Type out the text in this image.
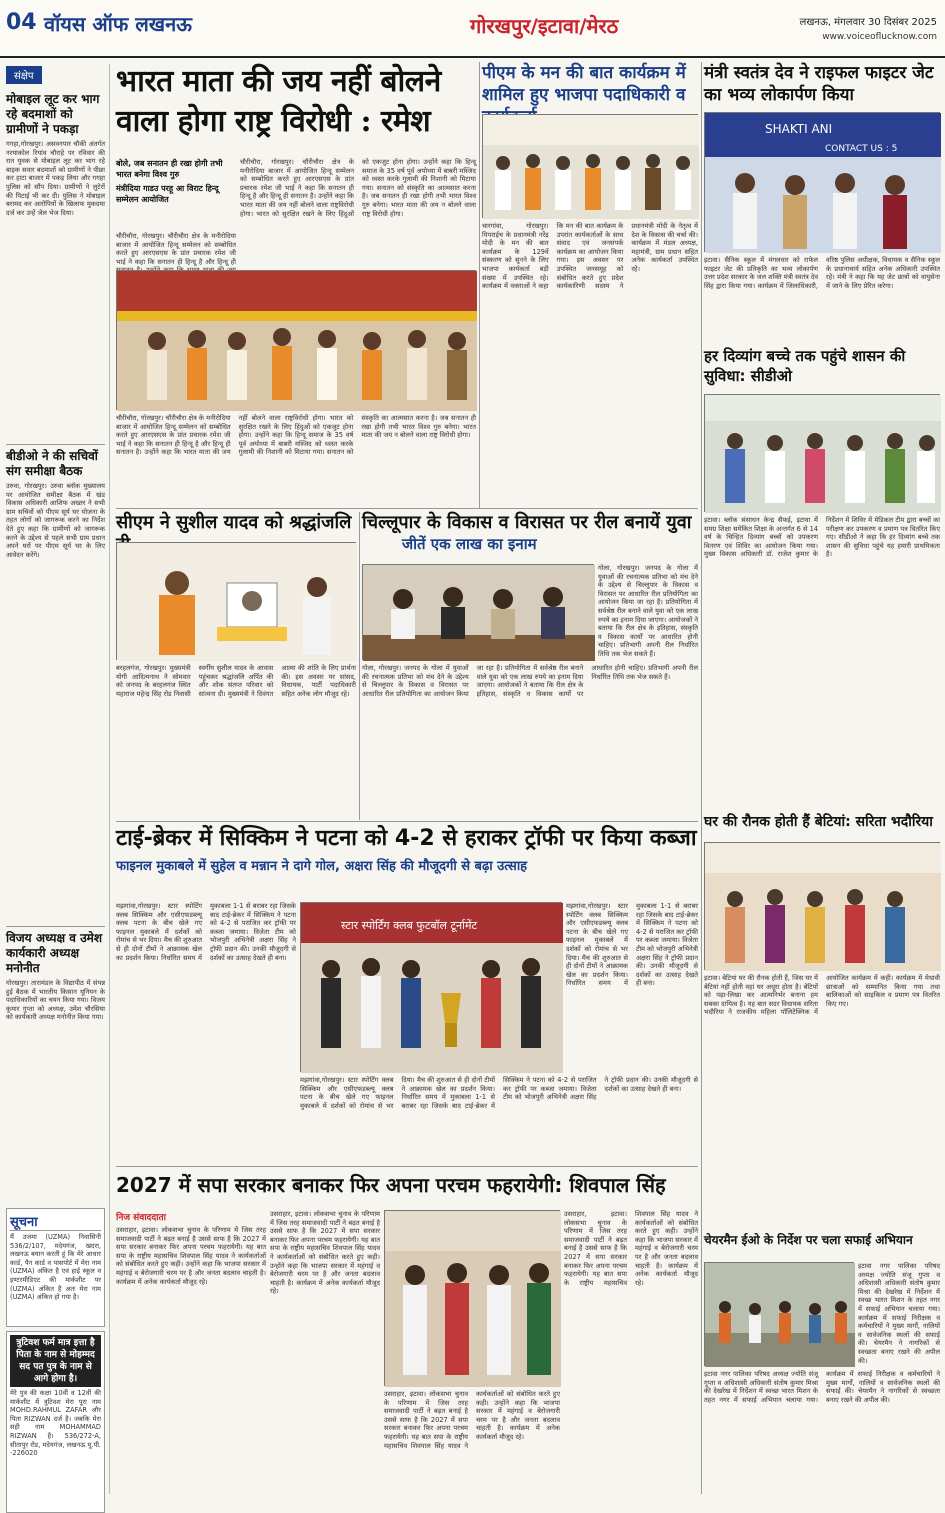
04 वॉयस ऑफ लखनऊ	गोरखपुर/इटावा/मेरठ	लखनऊ, मंगलवार 30 दिसंबर 2025
www.voiceoflucknow.com
संक्षेप
मोबाइल लूट कर भाग रहे बदमाशों को ग्रामीणों ने पकड़ा
गगहा,गोरखपुर। असवनपार चौकी अंतर्गत नरयाकोल रियांव चौराहे पर रविवार की रात युवक से मोबाइल लूट कर भाग रहे बाइक सवार बदमाशों को ग्रामीणों ने पीछा कर हाटा बाजार में पकड़ लिया और गगहा पुलिस को सौंप दिया। ग्रामीणों ने लुटेरों की पिटाई भी कर दी। पुलिस ने मोबाइल बरामद कर आरोपियों के खिलाफ मुकदमा दर्ज कर उन्हें जेल भेज दिया।
बीडीओ ने की सचिवों संग समीक्षा बैठक
उरुवा, गोरखपुर। उरुवा ब्लॉक मुख्यालय पर आयोजित समीक्षा बैठक में खंड विकास अधिकारी आशिफ अख्तर ने सभी ग्राम सचिवों को पीएम सूर्य घर योजना के तहत लोगों को जागरूक करने का निर्देश देते हुए कहा कि ग्रामीणों को जागरूक करने के उद्देश्य से पहले सभी ग्राम प्रधान अपने घरों पर पीएम सूर्य घर के लिए आवेदन करेंगे।
विजय अध्यक्ष व उमेश कार्यकारी अध्यक्ष मनोनीत
गोरखपुर। तारामंडल के विद्यापीठ में संपन्न हुई बैठक में भारतीय किसान यूनियन के पदाधिकारियों का चयन किया गया। विजय कुमार गुप्ता को अध्यक्ष, उमेश चौरसिया को कार्यकारी अध्यक्ष मनोनीत किया गया।
सूचना
मैं उजमा (UZMA) निवासिनी 536/2/107, मदेयगंज, खदरा, लखनऊ बयान करती हूं कि मेरे आधार कार्ड, पैन कार्ड व पासपोर्ट में मेरा नाम (UZMA) अंकित है एवं हाई स्कूल व इण्टरमीडिएट की मार्कशीट पर (UZMA) अंकित है अतः मेरा नाम (UZMA) अंकित हो गया है।
त्रुटिवश फर्म मात्र इत्ता है पिता के नाम से मोहम्मद सद पत पुत्र के नाम से आगे होगा है।
मेरे पुत्र की कक्षा 10वीं व 12वीं की मार्कशीट में त्रुटिवश मेरा पूरा नाम MOHD.RAHMUL ZAFAR और पिता RIZWAN दर्ज है। जबकि मेरा सही नाम MOHAMMAD RIZWAN है। 536/272-A, सीतापुर रोड, मदेयगंज, लखनऊ यू.पी. -226020
भारत माता की जय नहीं बोलने
वाला होगा राष्ट्र विरोधी : रमेश
बोले, जब सनातन ही रखा होगी तभी भारत बनेगा विश्व गुरु
मंत्रीदिया गाडउ परहू आ विराट हिन्दू सम्मेलन आयोजित
चौरीचौरा, गोरखपुर। चौरीचौरा क्षेत्र के मनीरोदिया बाजार में आयोजित हिन्दू सम्मेलन को सम्बोधित करते हुए आरएसएस के प्रांत प्रचारक रमेश जी भाई ने कहा कि सनातन ही हिन्दू है और हिन्दू ही
चौरीचौरा, गोरखपुर। चौरीचौरा क्षेत्र के मनीरोदिया बाजार में आयोजित हिन्दू सम्मेलन को सम्बोधित करते हुए आरएसएस के प्रांत प्रचारक रमेश जी भाई ने कहा कि सनातन ही हिन्दू है और हिन्दू ही सनातन है। उन्होंने कहा कि भारत माता की जय नहीं बोलने वाला राष्ट्रविरोधी होगा। भारत को सुरक्षित रखने के लिए हिंदुओं को एकजुट होना होगा। उन्होंने कहा कि हिन्दू समाज के 35 वर्ष पूर्व अयोध्या में बाबरी मस्जिद को ध्वस्त करके गुलामी की निशानी को मिटाया गया। सनातन को संस्कृति का आत्मसात करना है। जब सनातन ही रखा होगी तभी भारत विश्व गुरु बनेगा। भारत माता की जय न बोलने वाला राष्ट्र विरोधी होगा।
चौरीचौरा, गोरखपुर। चौरीचौरा क्षेत्र के मनीरोदिया बाजार में आयोजित हिन्दू सम्मेलन को सम्बोधित करते हुए आरएसएस के प्रांत प्रचारक रमेश जी भाई ने कहा कि सनातन ही हिन्दू है और हिन्दू ही सनातन है। उन्होंने कहा कि भारत माता की जय नहीं बोलने वाला राष्ट्रविरोधी होगा। भारत को सुरक्षित रखने के लिए हिंदुओं को एकजुट होना होगा। उन्होंने कहा कि हिन्दू समाज के 35 वर्ष पूर्व अयोध्या में बाबरी मस्जिद को ध्वस्त करके गुलामी की निशानी को मिटाया गया। सनातन को संस्कृति का आत्मसात करना है। जब सनातन ही रखा होगी तभी भारत विश्व गुरु बनेगा। भारत माता की जय न बोलने वाला राष्ट्र विरोधी होगा।
पीएम के मन की बात कार्यक्रम में शामिल हुए भाजपा पदाधिकारी व
चारगांवा, गोरखपुर। पिपराईच के प्रधानमंत्री नरेंद्र मोदी के मन की बात कार्यक्रम के 129वें संस्करण को सुनने के लिए भाजपा कार्यकर्ता बड़ी संख्या में उपस्थित रहे। कार्यक्रम में वक्ताओं ने कहा कि मन की बात कार्यक्रम के उपरांत कार्यकर्ताओं के साथ संवाद एवं जनसंपर्क कार्यक्रम का आयोजन किया गया। इस अवसर पर उपस्थित जनसमूह को संबोधित करते हुए प्रदेश कार्यकारिणी सदस्य ने प्रधानमंत्री मोदी के नेतृत्व में देश के विकास की चर्चा की। कार्यक्रम में मंडल अध्यक्ष, महामंत्री, ग्राम प्रधान सहित अनेक कार्यकर्ता उपस्थित रहे।
मंत्री स्वतंत्र देव ने राइफल फाइटर जेट का भव्य लोकार्पण किया
SHAKTI ANI
CONTACT US : 5
इटावा। सैनिक स्कूल में मंगलवार को राफेल फाइटर जेट की प्रतिकृति का भव्य लोकार्पण उत्तर प्रदेश सरकार के जल शक्ति मंत्री स्वतंत्र देव सिंह द्वारा किया गया। कार्यक्रम में जिलाधिकारी, वरिष्ठ पुलिस अधीक्षक, विधायक व सैनिक स्कूल के प्रधानाचार्य सहित अनेक अधिकारी उपस्थित रहे। मंत्री ने कहा कि यह जेट छात्रों को वायुसेना में जाने के लिए प्रेरित करेगा।
हर दिव्यांग बच्चे तक पहुंचे शासन की सुविधा: सीडीओ
इटावा। ब्लॉक संसाधन केन्द्र सैफई, इटावा में समग्र शिक्षा समेकित शिक्षा के अन्तर्गत 6 से 14 वर्ष के चिन्हित दिव्यांग बच्चों को उपकरण वितरण एवं शिविर का आयोजन किया गया। मुख्य विकास अधिकारी डॉ. राजेश कुमार के निर्देशन में शिविर में मेडिकल टीम द्वारा बच्चों का परीक्षण कर उपकरण व प्रमाण पत्र वितरित किए गए। सीडीओ ने कहा कि हर दिव्यांग बच्चे तक शासन की सुविधा पहुंचे यह हमारी प्राथमिकता है।
घर की रौनक होती हैं बेटियां: सरिता भदौरिया
इटावा। बेटियां घर की रौनक होती हैं, जिस घर में बेटियां नहीं होती वहां घर अधूरा होता है। बेटियों को पढ़ा-लिखा कर आत्मनिर्भर बनाना हम सबका दायित्व है। यह बात सदर विधायक सरिता भदौरिया ने राजकीय महिला पॉलिटेक्निक में आयोजित कार्यक्रम में कही। कार्यक्रम में मेधावी छात्राओं को सम्मानित किया गया तथा बालिकाओं को साइकिल व प्रमाण पत्र वितरित किए गए।
चेयरमैन ईओ के निर्देश पर चला सफाई अभियान
इटावा नगर पालिका परिषद अध्यक्ष ज्योति संजू गुप्ता व अधिशासी अधिकारी संतोष कुमार मिश्रा की देखरेख में निर्देशन में स्वच्छ भारत मिशन के तहत नगर में सफाई अभियान चलाया गया। कार्यक्रम में सफाई निरीक्षक व कर्मचारियों ने मुख्य मार्गों, नालियों व सार्वजनिक स्थलों की सफाई की। चेयरमैन ने नागरिकों से स्वच्छता बनाए रखने की अपील की।
इटावा नगर पालिका परिषद अध्यक्ष ज्योति संजू गुप्ता व अधिशासी अधिकारी संतोष कुमार मिश्रा की देखरेख में निर्देशन में स्वच्छ भारत मिशन के तहत नगर में सफाई अभियान चलाया गया। कार्यक्रम में सफाई निरीक्षक व कर्मचारियों ने मुख्य मार्गों, नालियों व सार्वजनिक स्थलों की सफाई की। चेयरमैन ने नागरिकों से स्वच्छता बनाए रखने की अपील की।
सीएम ने सुशील यादव को श्रद्धांजलि
बरहलगंज, गोरखपुर। मुख्यमंत्री योगी आदित्यनाथ ने सोमवार को जनपद के बरहलगंज स्थित महाराज महेन्द्र सिंह रोड निवासी स्वर्गीय सुशील यादव के आवास पहुंचकर श्रद्धांजलि अर्पित की और शोक संतप्त परिवार को सांत्वना दी। मुख्यमंत्री ने दिवंगत आत्मा की शांति के लिए प्रार्थना की। इस अवसर पर सांसद, विधायक, पार्टी पदाधिकारी सहित अनेक लोग मौजूद रहे।
चिल्लूपार के विकास व विरासत पर रील बनायें युवा
जीतें एक लाख का इनाम
गोला, गोरखपुर। जनपद के गोला में युवाओं की रचनात्मक प्रतिभा को मंच देने के उद्देश्य से चिल्लूपार के विकास व विरासत पर आधारित रील प्रतियोगिता का आयोजन किया जा रहा है। प्रतियोगिता में सर्वश्रेष्ठ रील बनाने वाले युवा को एक लाख रुपये का इनाम दिया जाएगा। आयोजकों ने बताया कि रील क्षेत्र के इतिहास, संस्कृति व विकास कार्यों पर आधारित होनी चाहिए। प्रतिभागी अपनी रील निर्धारित तिथि तक भेज सकते हैं।
गोला, गोरखपुर। जनपद के गोला में युवाओं की रचनात्मक प्रतिभा को मंच देने के उद्देश्य से चिल्लूपार के विकास व विरासत पर आधारित रील प्रतियोगिता का आयोजन किया जा रहा है। प्रतियोगिता में सर्वश्रेष्ठ रील बनाने वाले युवा को एक लाख रुपये का इनाम दिया जाएगा। आयोजकों ने बताया कि रील क्षेत्र के इतिहास, संस्कृति व विकास कार्यों पर आधारित होनी चाहिए। प्रतिभागी अपनी रील निर्धारित तिथि तक भेज सकते हैं।
टाई-ब्रेकर में सिक्किम ने पटना को 4-2 से हराकर ट्रॉफी पर किया कब्जा
फाइनल मुकाबले में सुहेल व मन्नान ने दागे गोल, अक्षरा सिंह की मौजूदगी से बढ़ा उत्साह
मझगांवा,गोरखपुर। स्टार स्पोर्टिंग क्लब सिक्किम और एसीएफडब्ल्यू क्लब पटना के बीच खेले गए फाइनल मुकाबले में दर्शकों को रोमांच से भर दिया। मैच की शुरुआत से ही दोनों टीमों ने आक्रामक खेल का प्रदर्शन किया। निर्धारित समय में मुकाबला 1-1 से बराबर रहा जिसके बाद टाई-ब्रेकर में सिक्किम ने पटना को 4-2 से पराजित कर ट्रॉफी पर कब्जा जमाया। विजेता टीम को भोजपुरी अभिनेत्री अक्षरा सिंह ने ट्रॉफी प्रदान की। उनकी मौजूदगी से दर्शकों का उत्साह देखते ही बना।
स्टार स्पोर्टिंग क्लब फुटबॉल टूर्नामेंट
मझगांवा,गोरखपुर। स्टार स्पोर्टिंग क्लब सिक्किम और एसीएफडब्ल्यू क्लब पटना के बीच खेले गए फाइनल मुकाबले में दर्शकों को रोमांच से भर दिया। मैच की शुरुआत से ही दोनों टीमों ने आक्रामक खेल का प्रदर्शन किया। निर्धारित समय में मुकाबला 1-1 से बराबर रहा जिसके बाद टाई-ब्रेकर में सिक्किम ने पटना को 4-2 से पराजित कर ट्रॉफी पर कब्जा जमाया। विजेता टीम को भोजपुरी अभिनेत्री अक्षरा सिंह ने ट्रॉफी प्रदान की। उनकी मौजूदगी से दर्शकों का उत्साह देखते ही बना।
मझगांवा,गोरखपुर। स्टार स्पोर्टिंग क्लब सिक्किम और एसीएफडब्ल्यू क्लब पटना के बीच खेले गए फाइनल मुकाबले में दर्शकों को रोमांच से भर दिया। मैच की शुरुआत से ही दोनों टीमों ने आक्रामक खेल का प्रदर्शन किया। निर्धारित समय में मुकाबला 1-1 से बराबर रहा जिसके बाद टाई-ब्रेकर में सिक्किम ने पटना को 4-2 से पराजित कर ट्रॉफी पर कब्जा जमाया। विजेता टीम को भोजपुरी अभिनेत्री अक्षरा सिंह ने ट्रॉफी प्रदान की। उनकी मौजूदगी से दर्शकों का उत्साह देखते ही बना।
2027 में सपा सरकार बनाकर फिर अपना परचम फहरायेगी: शिवपाल सिंह
निज संवाददाता
उसराहार, इटावा। लोकसभा चुनाव के परिणाम में जिस तरह समाजवादी पार्टी ने बढ़त बनाई है उससे साफ है कि 2027 में सपा सरकार बनाकर फिर अपना परचम फहरायेगी। यह बात सपा के राष्ट्रीय महासचिव शिवपाल सिंह यादव ने कार्यकर्ताओं को संबोधित करते हुए कही। उन्होंने कहा कि भाजपा सरकार में महंगाई व बेरोजगारी चरम पर है और जनता बदलाव चाहती है। कार्यक्रम में अनेक कार्यकर्ता मौजूद रहे।
उसराहार, इटावा। लोकसभा चुनाव के परिणाम में जिस तरह समाजवादी पार्टी ने बढ़त बनाई है उससे साफ है कि 2027 में सपा सरकार बनाकर फिर अपना परचम फहरायेगी। यह बात सपा के राष्ट्रीय महासचिव शिवपाल सिंह यादव ने कार्यकर्ताओं को संबोधित करते हुए कही। उन्होंने कहा कि भाजपा सरकार में महंगाई व बेरोजगारी चरम पर है और जनता बदलाव चाहती है। कार्यक्रम में अनेक कार्यकर्ता मौजूद रहे।
उसराहार, इटावा। लोकसभा चुनाव के परिणाम में जिस तरह समाजवादी पार्टी ने बढ़त बनाई है उससे साफ है कि 2027 में सपा सरकार बनाकर फिर अपना परचम फहरायेगी। यह बात सपा के राष्ट्रीय महासचिव शिवपाल सिंह यादव ने कार्यकर्ताओं को संबोधित करते हुए कही। उन्होंने कहा कि भाजपा सरकार में महंगाई व बेरोजगारी चरम पर है और जनता बदलाव चाहती है। कार्यक्रम में अनेक कार्यकर्ता मौजूद रहे।
उसराहार, इटावा। लोकसभा चुनाव के परिणाम में जिस तरह समाजवादी पार्टी ने बढ़त बनाई है उससे साफ है कि 2027 में सपा सरकार बनाकर फिर अपना परचम फहरायेगी। यह बात सपा के राष्ट्रीय महासचिव शिवपाल सिंह यादव ने कार्यकर्ताओं को संबोधित करते हुए कही। उन्होंने कहा कि भाजपा सरकार में महंगाई व बेरोजगारी चरम पर है और जनता बदलाव चाहती है। कार्यक्रम में अनेक कार्यकर्ता मौजूद रहे।
